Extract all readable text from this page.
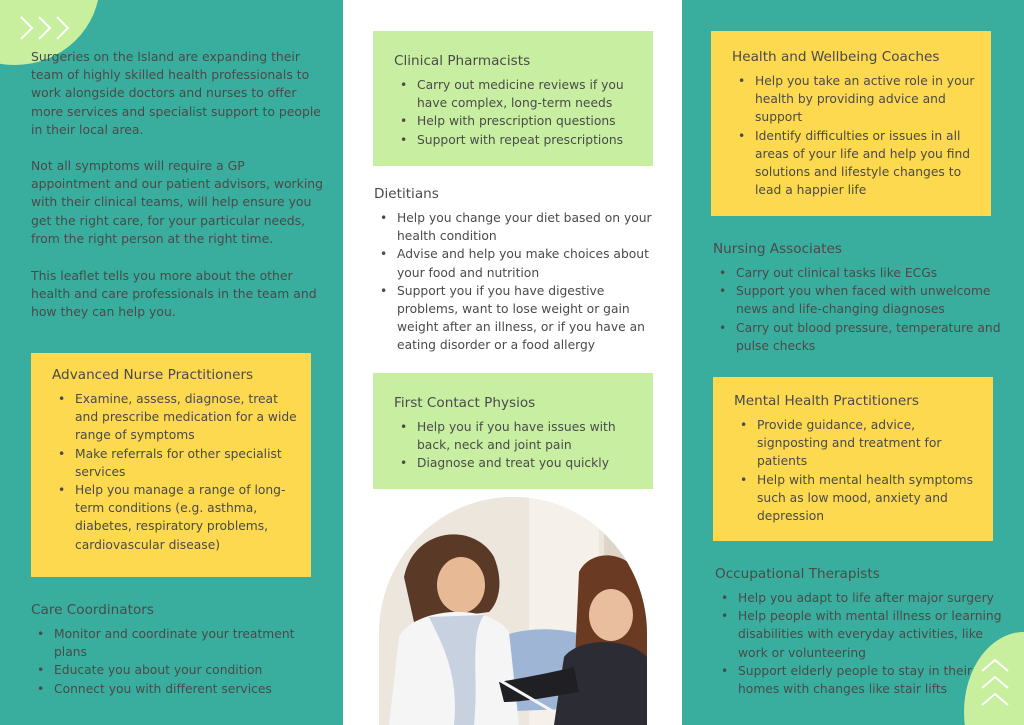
Surgeries on the Island are expanding their

team of highly skilled health professionals to

work alongside doctors and nurses to offer

more services and specialist support to people

in their local area.

Not all symptoms will require a GP

appointment and our patient advisors, working

with their clinical teams, will help ensure you

get the right care, for your particular needs,

from the right person at the right time.

This leaflet tells you more about the other

health and care professionals in the team and

how they can help you.

Advanced Nurse Practitioners
• Examine, assess, diagnose, treat
and prescribe medication for a wide
range of symptoms
• Make referrals for other specialist
services
• Help you manage a range of long-
term conditions (e.g. asthma,
diabetes, respiratory problems,
cardiovascular disease)
Care Coordinators
• Monitor and coordinate your treatment
plans
• Educate you about your condition
• Connect you with different services
Clinical Pharmacists
• Carry out medicine reviews if you
have complex, long-term needs
• Help with prescription questions
• Support with repeat prescriptions
Dietitians
• Help you change your diet based on your
health condition
• Advise and help you make choices about
your food and nutrition
• Support you if you have digestive
problems, want to lose weight or gain
weight after an illness, or if you have an
eating disorder or a food allergy
First Contact Physios
• Help you if you have issues with
back, neck and joint pain
• Diagnose and treat you quickly
Health and Wellbeing Coaches
• Help you take an active role in your
health by providing advice and
support
• Identify difficulties or issues in all
areas of your life and help you find
solutions and lifestyle changes to
lead a happier life
Nursing Associates
• Carry out clinical tasks like ECGs
• Support you when faced with unwelcome
news and life-changing diagnoses
• Carry out blood pressure, temperature and
pulse checks
Mental Health Practitioners
• Provide guidance, advice,
signposting and treatment for
patients
• Help with mental health symptoms
such as low mood, anxiety and
depression
Occupational Therapists
• Help you adapt to life after major surgery
• Help people with mental illness or learning
disabilities with everyday activities, like
work or volunteering
• Support elderly people to stay in their
homes with changes like stair lifts
